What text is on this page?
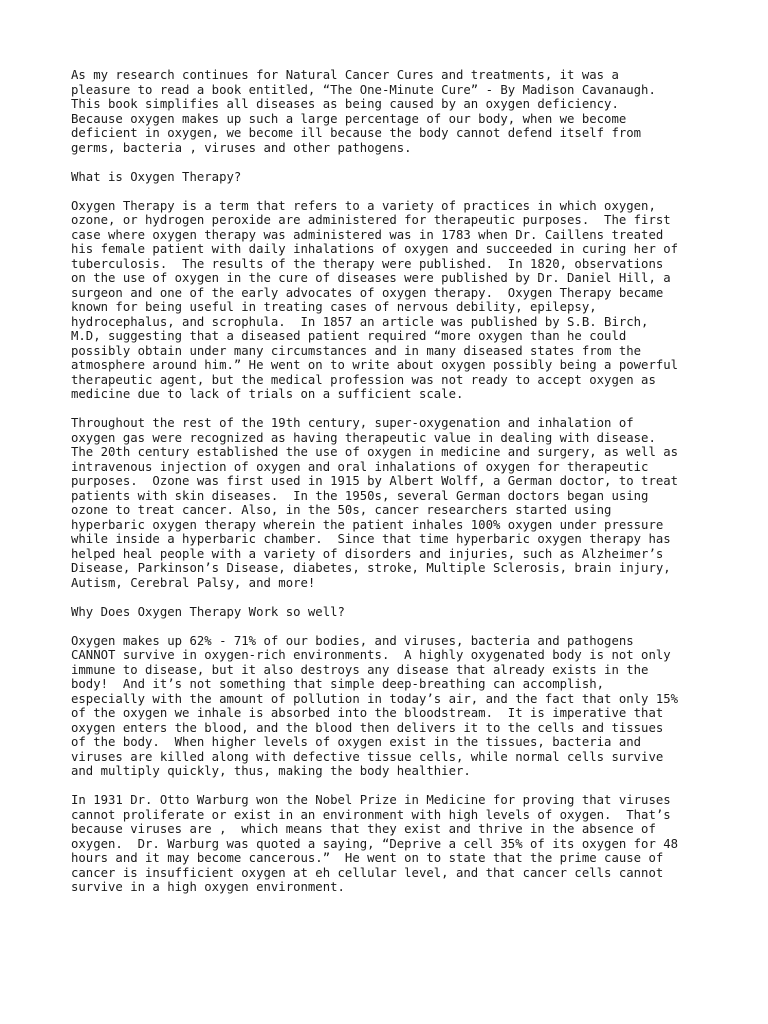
As my research continues for Natural Cancer Cures and treatments, it was a
pleasure to read a book entitled, “The One-Minute Cure” - By Madison Cavanaugh.
This book simplifies all diseases as being caused by an oxygen deficiency.
Because oxygen makes up such a large percentage of our body, when we become
deficient in oxygen, we become ill because the body cannot defend itself from
germs, bacteria , viruses and other pathogens.

What is Oxygen Therapy?

Oxygen Therapy is a term that refers to a variety of practices in which oxygen,
ozone, or hydrogen peroxide are administered for therapeutic purposes.  The first
case where oxygen therapy was administered was in 1783 when Dr. Caillens treated
his female patient with daily inhalations of oxygen and succeeded in curing her of
tuberculosis.  The results of the therapy were published.  In 1820, observations
on the use of oxygen in the cure of diseases were published by Dr. Daniel Hill, a
surgeon and one of the early advocates of oxygen therapy.  Oxygen Therapy became
known for being useful in treating cases of nervous debility, epilepsy,
hydrocephalus, and scrophula.  In 1857 an article was published by S.B. Birch,
M.D, suggesting that a diseased patient required “more oxygen than he could
possibly obtain under many circumstances and in many diseased states from the
atmosphere around him.” He went on to write about oxygen possibly being a powerful
therapeutic agent, but the medical profession was not ready to accept oxygen as
medicine due to lack of trials on a sufficient scale.

Throughout the rest of the 19th century, super-oxygenation and inhalation of
oxygen gas were recognized as having therapeutic value in dealing with disease.
The 20th century established the use of oxygen in medicine and surgery, as well as
intravenous injection of oxygen and oral inhalations of oxygen for therapeutic
purposes.  Ozone was first used in 1915 by Albert Wolff, a German doctor, to treat
patients with skin diseases.  In the 1950s, several German doctors began using
ozone to treat cancer. Also, in the 50s, cancer researchers started using
hyperbaric oxygen therapy wherein the patient inhales 100% oxygen under pressure
while inside a hyperbaric chamber.  Since that time hyperbaric oxygen therapy has
helped heal people with a variety of disorders and injuries, such as Alzheimer’s
Disease, Parkinson’s Disease, diabetes, stroke, Multiple Sclerosis, brain injury,
Autism, Cerebral Palsy, and more!

Why Does Oxygen Therapy Work so well?

Oxygen makes up 62% - 71% of our bodies, and viruses, bacteria and pathogens
CANNOT survive in oxygen-rich environments.  A highly oxygenated body is not only
immune to disease, but it also destroys any disease that already exists in the
body!  And it’s not something that simple deep-breathing can accomplish,
especially with the amount of pollution in today’s air, and the fact that only 15%
of the oxygen we inhale is absorbed into the bloodstream.  It is imperative that
oxygen enters the blood, and the blood then delivers it to the cells and tissues
of the body.  When higher levels of oxygen exist in the tissues, bacteria and
viruses are killed along with defective tissue cells, while normal cells survive
and multiply quickly, thus, making the body healthier.

In 1931 Dr. Otto Warburg won the Nobel Prize in Medicine for proving that viruses
cannot proliferate or exist in an environment with high levels of oxygen.  That’s
because viruses are ,  which means that they exist and thrive in the absence of
oxygen.  Dr. Warburg was quoted a saying, “Deprive a cell 35% of its oxygen for 48
hours and it may become cancerous.”  He went on to state that the prime cause of
cancer is insufficient oxygen at eh cellular level, and that cancer cells cannot
survive in a high oxygen environment.
